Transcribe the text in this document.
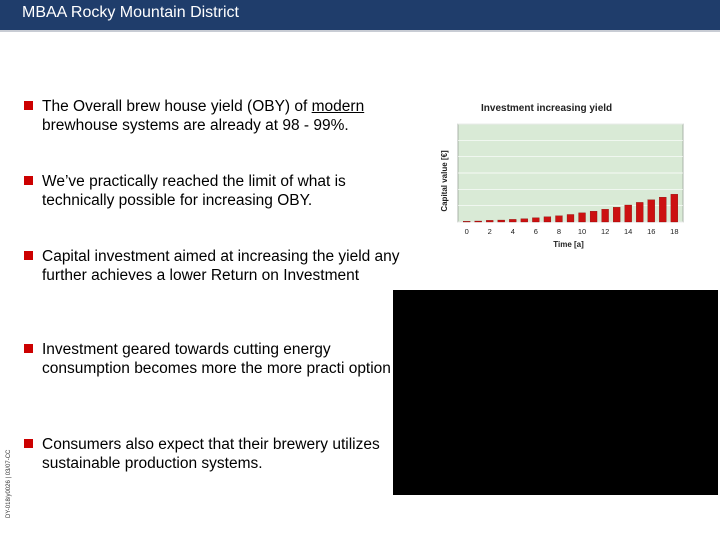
MBAA Rocky Mountain District
The Overall brew house yield (OBY) of modern brewhouse systems are already at 98 - 99%.
We’ve practically reached the limit of what is technically possible for increasing OBY.
Capital investment aimed at increasing the yield any further achieves a lower Return on Investment
Investment geared towards cutting energy consumption becomes more the more practi option
Consumers also expect that their brewery utilizes sustainable production systems.
Investment increasing yield
0	2	4	6	8 10 12 14 16 18
Time [a]
Capital value [€]
DY-018/y0026 | 03/07-CC
